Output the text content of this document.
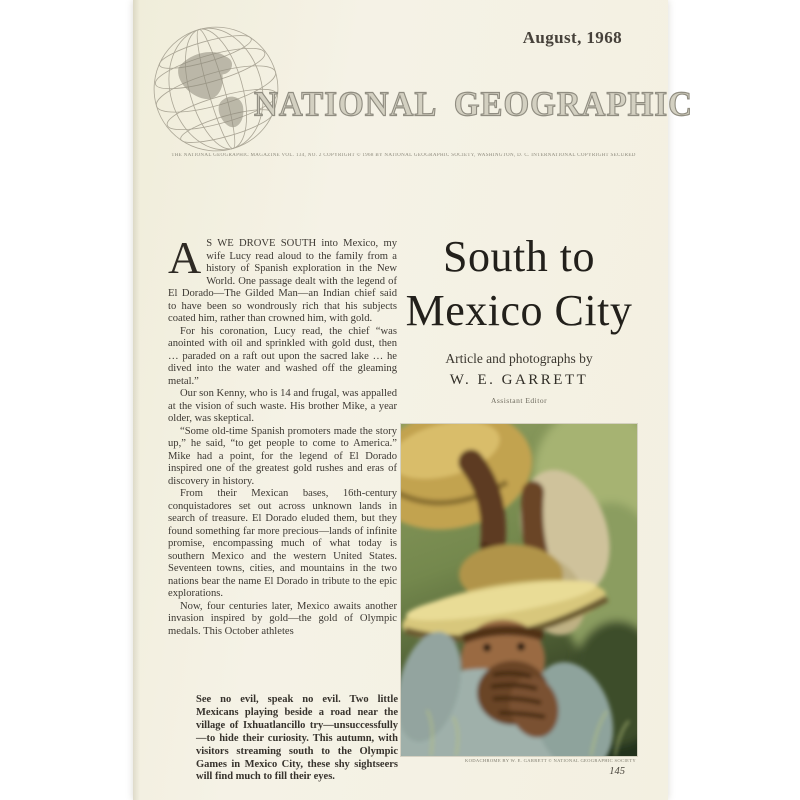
August, 1968
NATIONAL GEOGRAPHIC
THE NATIONAL GEOGRAPHIC MAGAZINE VOL. 134, NO. 2 COPYRIGHT © 1968 BY NATIONAL GEOGRAPHIC SOCIETY, WASHINGTON, D. C. INTERNATIONAL COPYRIGHT SECURED

A S WE DROVE SOUTH into Mexico, my wife Lucy read aloud to the family from a history of Spanish exploration in the New World. One passage dealt with the legend of El Dorado—The Gilded Man—an Indian chief said to have been so wondrously rich that his subjects coated him, rather than crowned him, with gold.

For his coronation, Lucy read, the chief “was anointed with oil and sprinkled with gold dust, then … paraded on a raft out upon the sacred lake … he dived into the water and washed off the gleaming metal.”

Our son Kenny, who is 14 and frugal, was appalled at the vision of such waste. His brother Mike, a year older, was skeptical.

“Some old-time Spanish promoters made the story up,” he said, “to get people to come to America.” Mike had a point, for the legend of El Dorado inspired one of the greatest gold rushes and eras of discovery in history.

From their Mexican bases, 16th-century conquistadores set out across unknown lands in search of treasure. El Dorado eluded them, but they found something far more precious—lands of infinite promise, encompassing much of what today is southern Mexico and the western United States. Seventeen towns, cities, and mountains in the two nations bear the name El Dorado in tribute to the epic explorations.

Now, four centuries later, Mexico awaits another invasion inspired by gold—the gold of Olympic medals. This October athletes

See no evil, speak no evil. Two little Mexicans playing beside a road near the village of Ixhuatlancillo try—unsuccessfully—to hide their curiosity. This autumn, with visitors streaming south to the Olympic Games in Mexico City, these shy sightseers will find much to fill their eyes.
South to
Mexico City
Article and photographs by
W. E. GARRETT
Assistant Editor
KODACHROME BY W. E. GARRETT © NATIONAL GEOGRAPHIC SOCIETY
145
